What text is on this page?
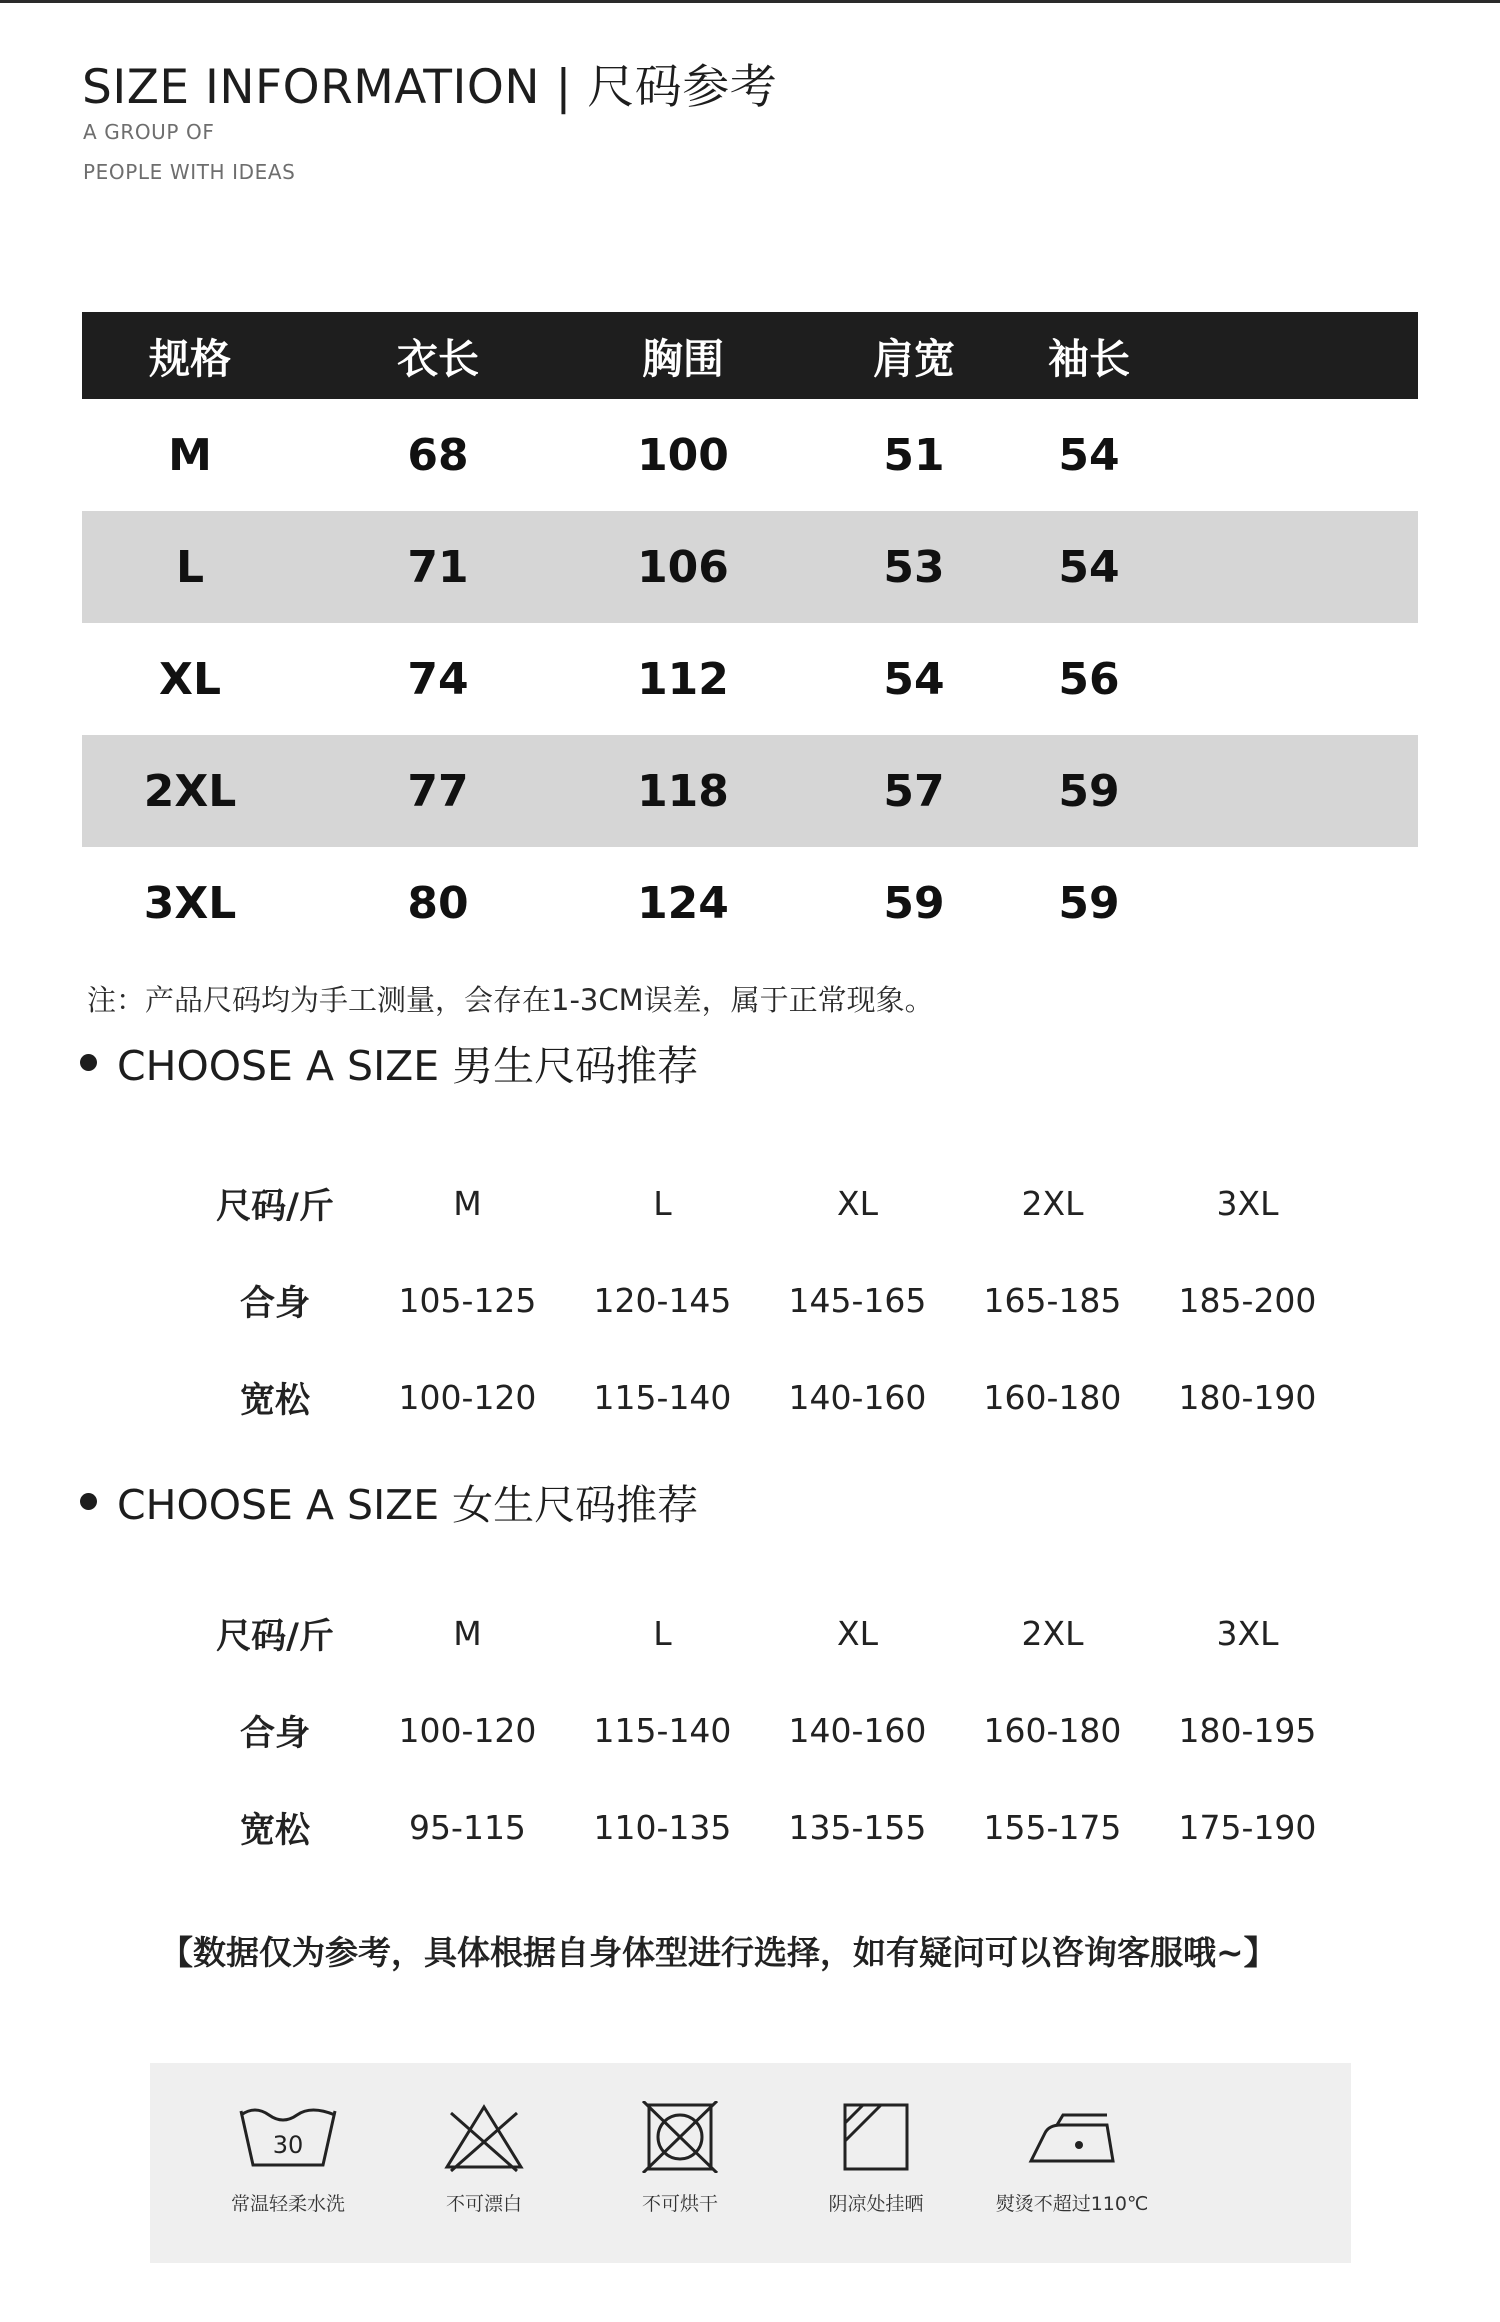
SIZE INFORMATION | 尺码参考
A GROUP OF
PEOPLE WITH IDEAS
规格	衣长	胸围	肩宽	袖长
M	68	100	51	54
L	71	106	53	54
XL	74	112	54	56
2XL	77	118	57	59
3XL	80	124	59	59
注：产品尺码均为手工测量，会存在1-3CM误差，属于正常现象。
CHOOSE A SIZE 男生尺码推荐
尺码/斤	M	L	XL	2XL	3XL
合身	105-125	120-145	145-165	165-185	185-200
宽松	100-120	115-140	140-160	160-180	180-190
CHOOSE A SIZE 女生尺码推荐
尺码/斤	M	L	XL	2XL	3XL
合身	100-120	115-140	140-160	160-180	180-195
宽松	95-115	110-135	135-155	155-175	175-190
【数据仅为参考，具体根据自身体型进行选择，如有疑问可以咨询客服哦~】
30
常温轻柔水洗	不可漂白	不可烘干	阴凉处挂晒	熨烫不超过110℃
